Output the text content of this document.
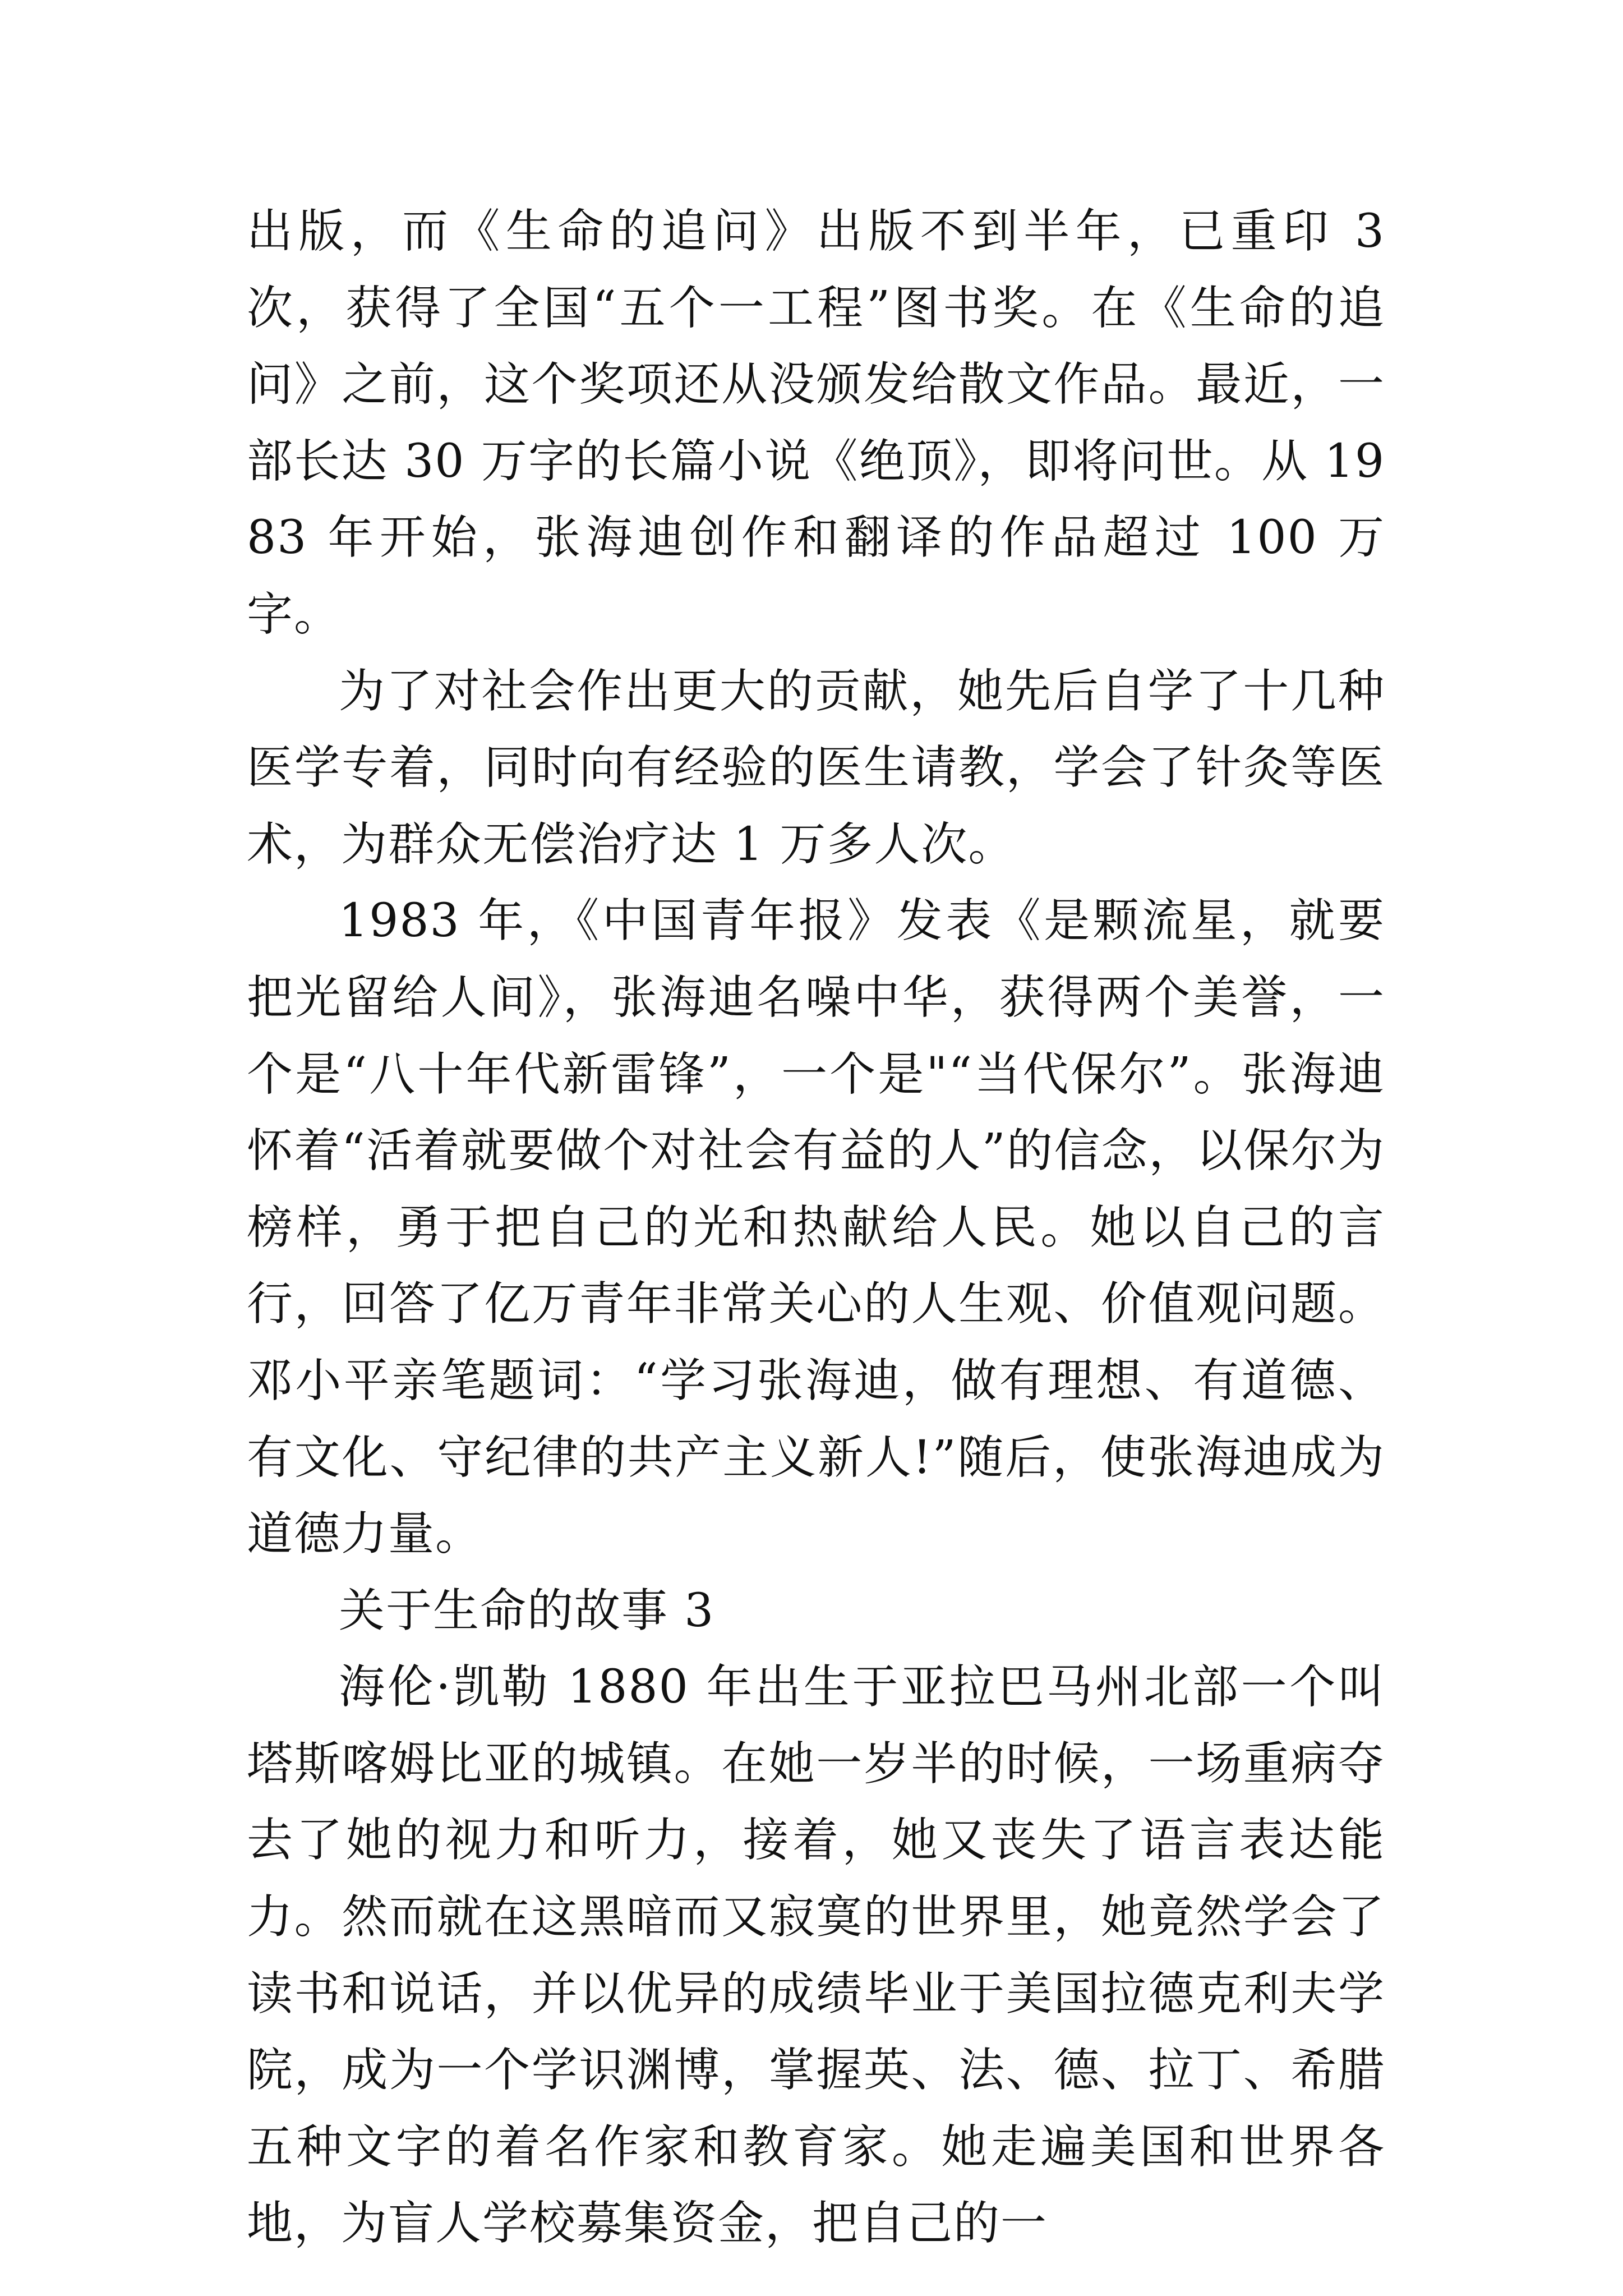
出版，而《生命的追问》出版不到半年，已重印 3 次，获得了全国“五个一工程”图书奖。在《生命的追问》之前，这个奖项还从没颁发给散文作品。最近，一部长达 30 万字的长篇小说《绝顶》，即将问世。从 1983 年开始，张海迪创作和翻译的作品超过 100 万字。

为了对社会作出更大的贡献，她先后自学了十几种医学专着，同时向有经验的医生请教，学会了针灸等医术，为群众无偿治疗达 1 万多人次。

1983 年，《中国青年报》发表《是颗流星，就要把光留给人间》，张海迪名噪中华，获得两个美誉，一个是“八十年代新雷锋”，一个是"“当代保尔”。张海迪怀着“活着就要做个对社会有益的人”的信念，以保尔为榜样，勇于把自己的光和热献给人民。她以自己的言行，回答了亿万青年非常关心的人生观、价值观问题。邓小平亲笔题词：“学习张海迪，做有理想、有道德、有文化、守纪律的共产主义新人!”随后，使张海迪成为道德力量。

关于生命的故事 3

海伦·凯勒 1880 年出生于亚拉巴马州北部一个叫塔斯喀姆比亚的城镇。在她一岁半的时候，一场重病夺去了她的视力和听力，接着，她又丧失了语言表达能力。然而就在这黑暗而又寂寞的世界里，她竟然学会了读书和说话，并以优异的成绩毕业于美国拉德克利夫学院，成为一个学识渊博，掌握英、法、德、拉丁、希腊五种文字的着名作家和教育家。她走遍美国和世界各地，为盲人学校募集资金，把自己的一
